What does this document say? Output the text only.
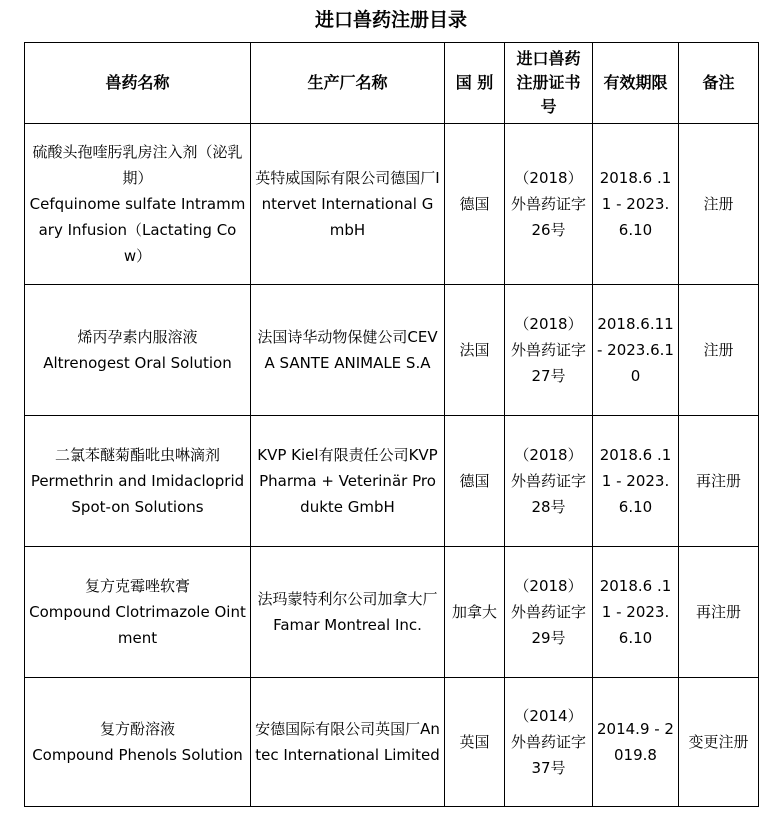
进口兽药注册目录
兽药名称	生产厂名称	国 别	进口兽药注册证书号	有效期限	备注

硫酸头孢喹肟乳房注入剂（泌乳期）
Cefquinome sulfate Intrammary Infusion（Lactating Cow）	英特威国际有限公司德国厂Intervet International GmbH	德国	（2018）外兽药证字26号	2018.6 .11 - 2023.6.10	注册

烯丙孕素内服溶液
Altrenogest Oral Solution	法国诗华动物保健公司CEVA SANTE ANIMALE S.A	法国	（2018）外兽药证字27号	2018.6.11 - 2023.6.10	注册

二氯苯醚菊酯吡虫啉滴剂
Permethrin and Imidacloprid Spot-on Solutions	KVP Kiel有限责任公司KVP Pharma + Veterinär Produkte GmbH	德国	（2018）外兽药证字28号	2018.6 .11 - 2023.6.10	再注册

复方克霉唑软膏
Compound Clotrimazole Ointment	法玛蒙特利尔公司加拿大厂Famar Montreal Inc.	加拿大	（2018）外兽药证字29号	2018.6 .11 - 2023.6.10	再注册

复方酚溶液
Compound Phenols Solution	安德国际有限公司英国厂Antec International Limited	英国	（2014）外兽药证字37号	2014.9 - 2019.8	变更注册
